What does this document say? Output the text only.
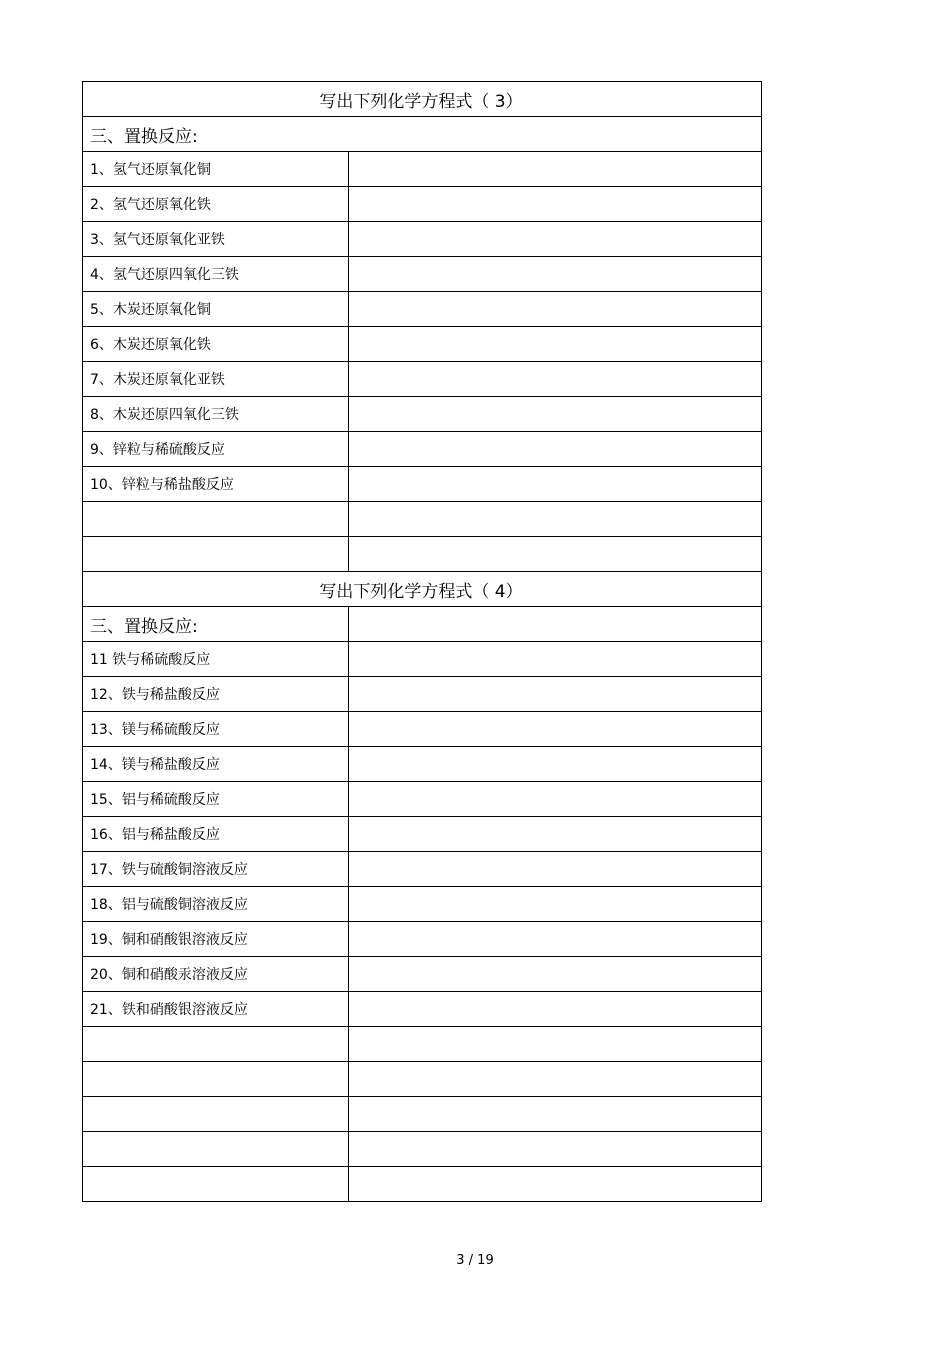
写出下列化学方程式（ 3）	
三、置换反应:	
1、氢气还原氧化铜	
2、氢气还原氧化铁	
3、氢气还原氧化亚铁	
4、氢气还原四氧化三铁	
5、木炭还原氧化铜	
6、木炭还原氧化铁	
7、木炭还原氧化亚铁	
8、木炭还原四氧化三铁	
9、锌粒与稀硫酸反应	
10、锌粒与稀盐酸反应	

写出下列化学方程式（ 4）	
三、置换反应:	
11 铁与稀硫酸反应	
12、铁与稀盐酸反应	
13、镁与稀硫酸反应	
14、镁与稀盐酸反应	
15、铝与稀硫酸反应	
16、铝与稀盐酸反应	
17、铁与硫酸铜溶液反应	
18、铝与硫酸铜溶液反应	
19、铜和硝酸银溶液反应	
20、铜和硝酸汞溶液反应	
21、铁和硝酸银溶液反应	

3 / 19
